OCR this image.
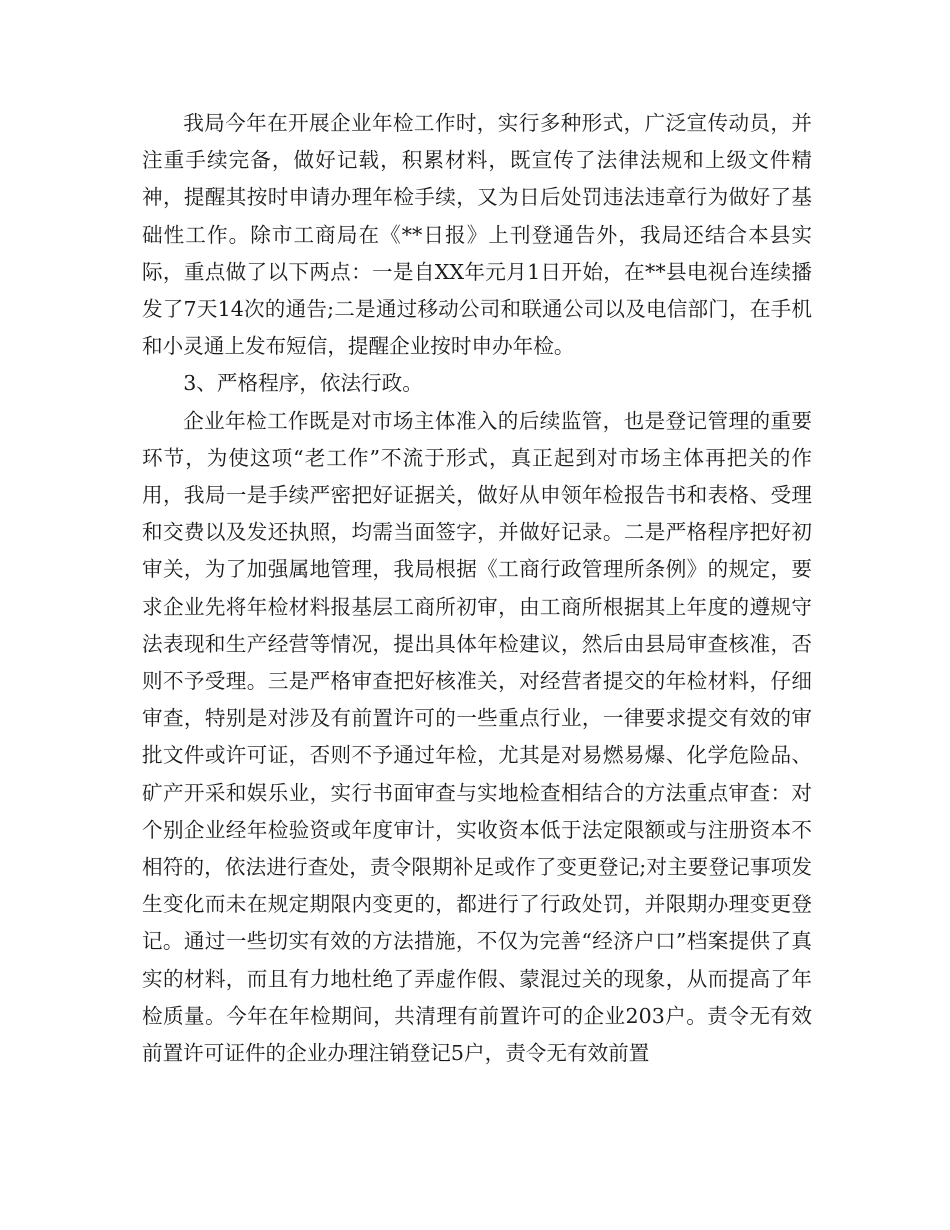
我局今年在开展企业年检工作时，实行多种形式，广泛宣传动员，并注重手续完备，做好记载，积累材料，既宣传了法律法规和上级文件精神，提醒其按时申请办理年检手续，又为日后处罚违法违章行为做好了基础性工作。除市工商局在《**日报》上刊登通告外，我局还结合本县实际，重点做了以下两点：一是自XX年元月1日开始，在**县电视台连续播发了7天14次的通告;二是通过移动公司和联通公司以及电信部门，在手机和小灵通上发布短信，提醒企业按时申办年检。

3、严格程序，依法行政。

企业年检工作既是对市场主体准入的后续监管，也是登记管理的重要环节，为使这项“老工作”不流于形式，真正起到对市场主体再把关的作用，我局一是手续严密把好证据关，做好从申领年检报告书和表格、受理和交费以及发还执照，均需当面签字，并做好记录。二是严格程序把好初审关，为了加强属地管理，我局根据《工商行政管理所条例》的规定，要求企业先将年检材料报基层工商所初审，由工商所根据其上年度的遵规守法表现和生产经营等情况，提出具体年检建议，然后由县局审查核准，否则不予受理。三是严格审查把好核准关，对经营者提交的年检材料，仔细审查，特别是对涉及有前置许可的一些重点行业，一律要求提交有效的审批文件或许可证，否则不予通过年检，尤其是对易燃易爆、化学危险品、矿产开采和娱乐业，实行书面审查与实地检查相结合的方法重点审查：对个别企业经年检验资或年度审计，实收资本低于法定限额或与注册资本不相符的，依法进行查处，责令限期补足或作了变更登记;对主要登记事项发生变化而未在规定期限内变更的，都进行了行政处罚，并限期办理变更登记。通过一些切实有效的方法措施，不仅为完善“经济户口”档案提供了真实的材料，而且有力地杜绝了弄虚作假、蒙混过关的现象，从而提高了年检质量。今年在年检期间，共清理有前置许可的企业203户。责令无有效前置许可证件的企业办理注销登记5户，责令无有效前置
